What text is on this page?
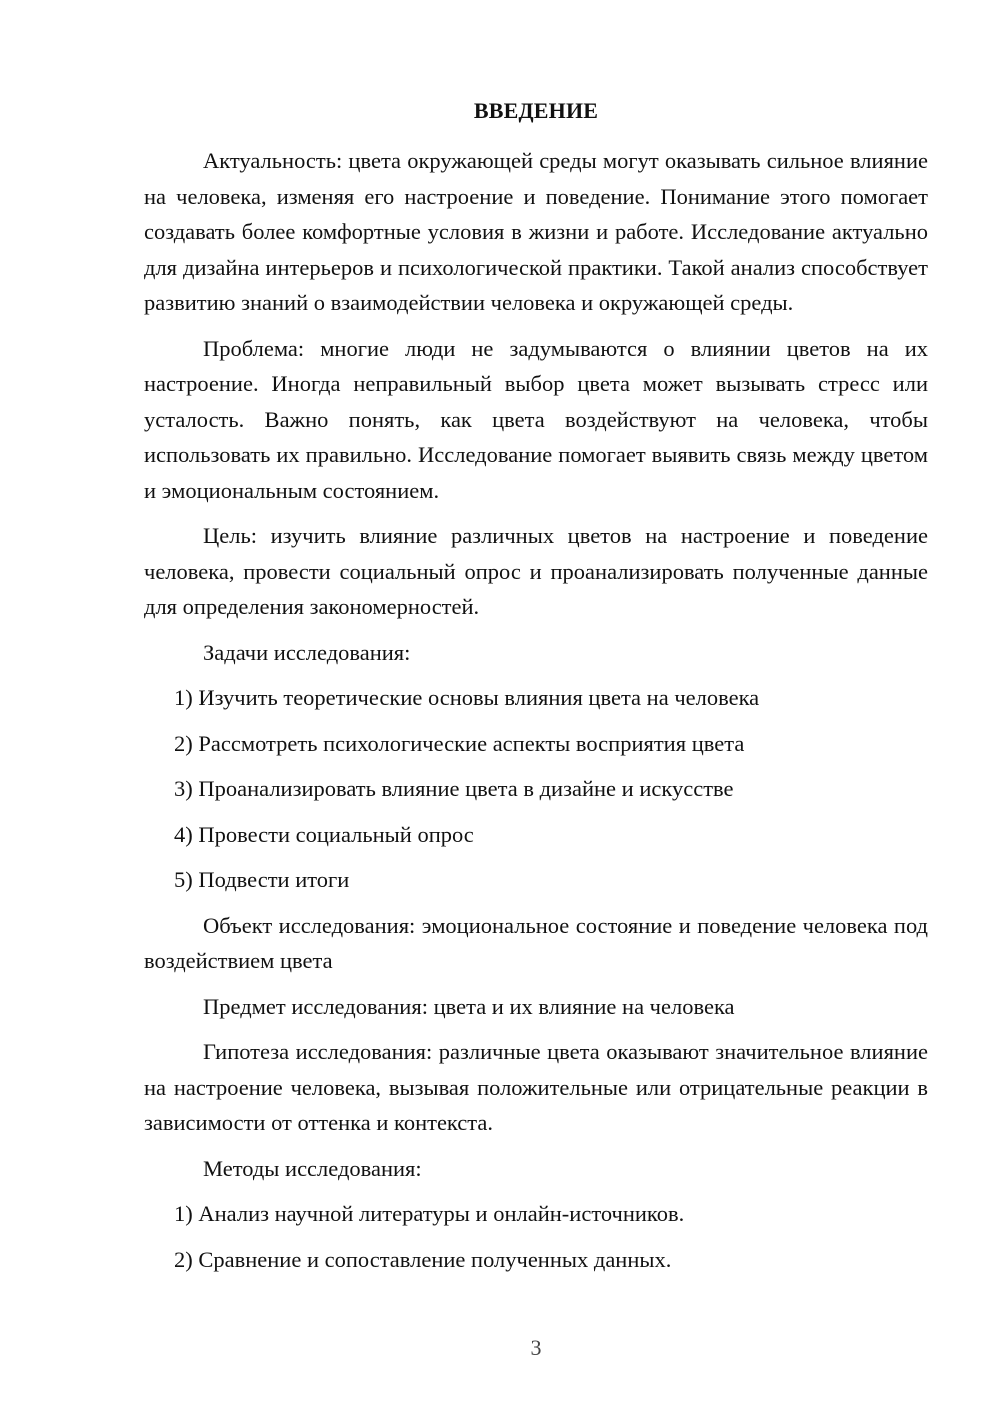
ВВЕДЕНИЕ

Актуальность: цвета окружающей среды могут оказывать сильное влияние на человека, изменяя его настроение и поведение. Понимание этого помогает создавать более комфортные условия в жизни и работе. Исследование актуально для дизайна интерьеров и психологической практики. Такой анализ способствует развитию знаний о взаимодействии человека и окружающей среды.

Проблема: многие люди не задумываются о влиянии цветов на их настроение. Иногда неправильный выбор цвета может вызывать стресс или усталость. Важно понять, как цвета воздействуют на человека, чтобы использовать их правильно. Исследование помогает выявить связь между цветом и эмоциональным состоянием.

Цель: изучить влияние различных цветов на настроение и поведение человека, провести социальный опрос и проанализировать полученные данные для определения закономерностей.

Задачи исследования:

1) Изучить теоретические основы влияния цвета на человека

2) Рассмотреть психологические аспекты восприятия цвета

3) Проанализировать влияние цвета в дизайне и искусстве

4) Провести социальный опрос

5) Подвести итоги

Объект исследования: эмоциональное состояние и поведение человека под воздействием цвета

Предмет исследования: цвета и их влияние на человека

Гипотеза исследования: различные цвета оказывают значительное влияние на настроение человека, вызывая положительные или отрицательные реакции в зависимости от оттенка и контекста.

Методы исследования:

1) Анализ научной литературы и онлайн-источников.

2) Сравнение и сопоставление полученных данных.

3
